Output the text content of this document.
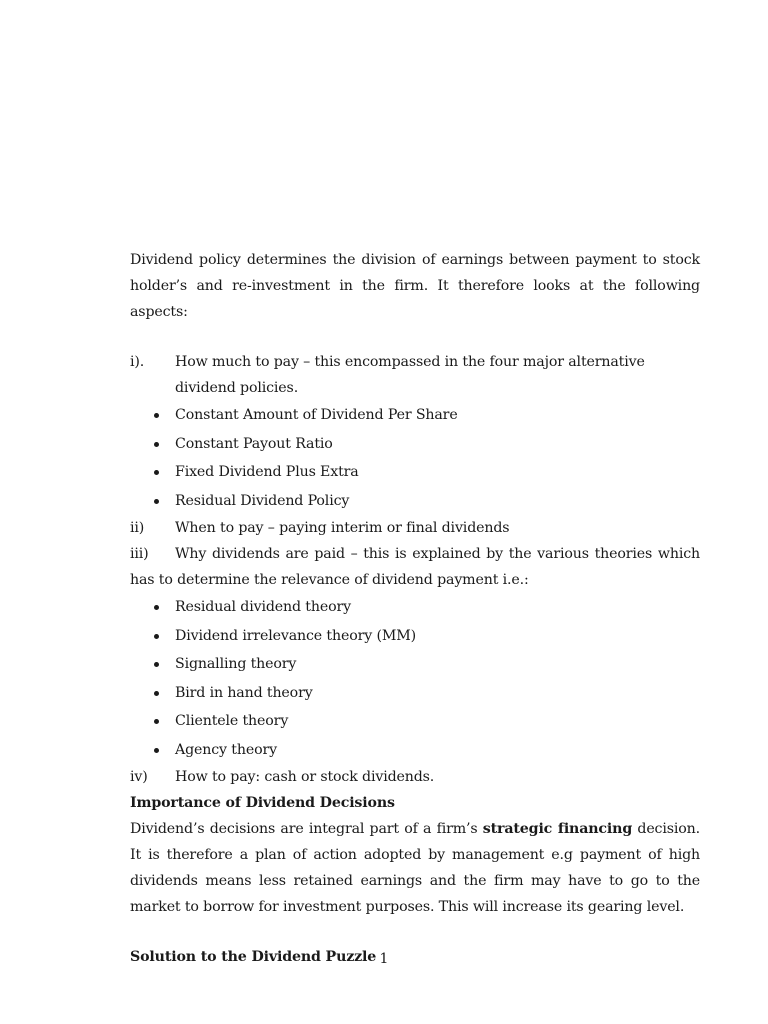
Dividend policy determines the division of earnings between payment to stock holder’s and re-investment in the firm. It therefore looks at the following aspects:

i).	How much to pay – this encompassed in the four major alternative dividend policies.
Constant Amount of Dividend Per Share
Constant Payout Ratio
Fixed Dividend Plus Extra
Residual Dividend Policy
ii)	When to pay – paying interim or final dividends

iii) Why dividends are paid – this is explained by the various theories which has to determine the relevance of dividend payment i.e.:

Residual dividend theory
Dividend irrelevance theory (MM)
Signalling theory
Bird in hand theory
Clientele theory
Agency theory
iv)	How to pay: cash or stock dividends.

Importance of Dividend Decisions

Dividend’s decisions are integral part of a firm’s strategic financing decision. It is therefore a plan of action adopted by management e.g payment of high dividends means less retained earnings and the firm may have to go to the market to borrow for investment purposes. This will increase its gearing level.

Solution to the Dividend Puzzle 1
